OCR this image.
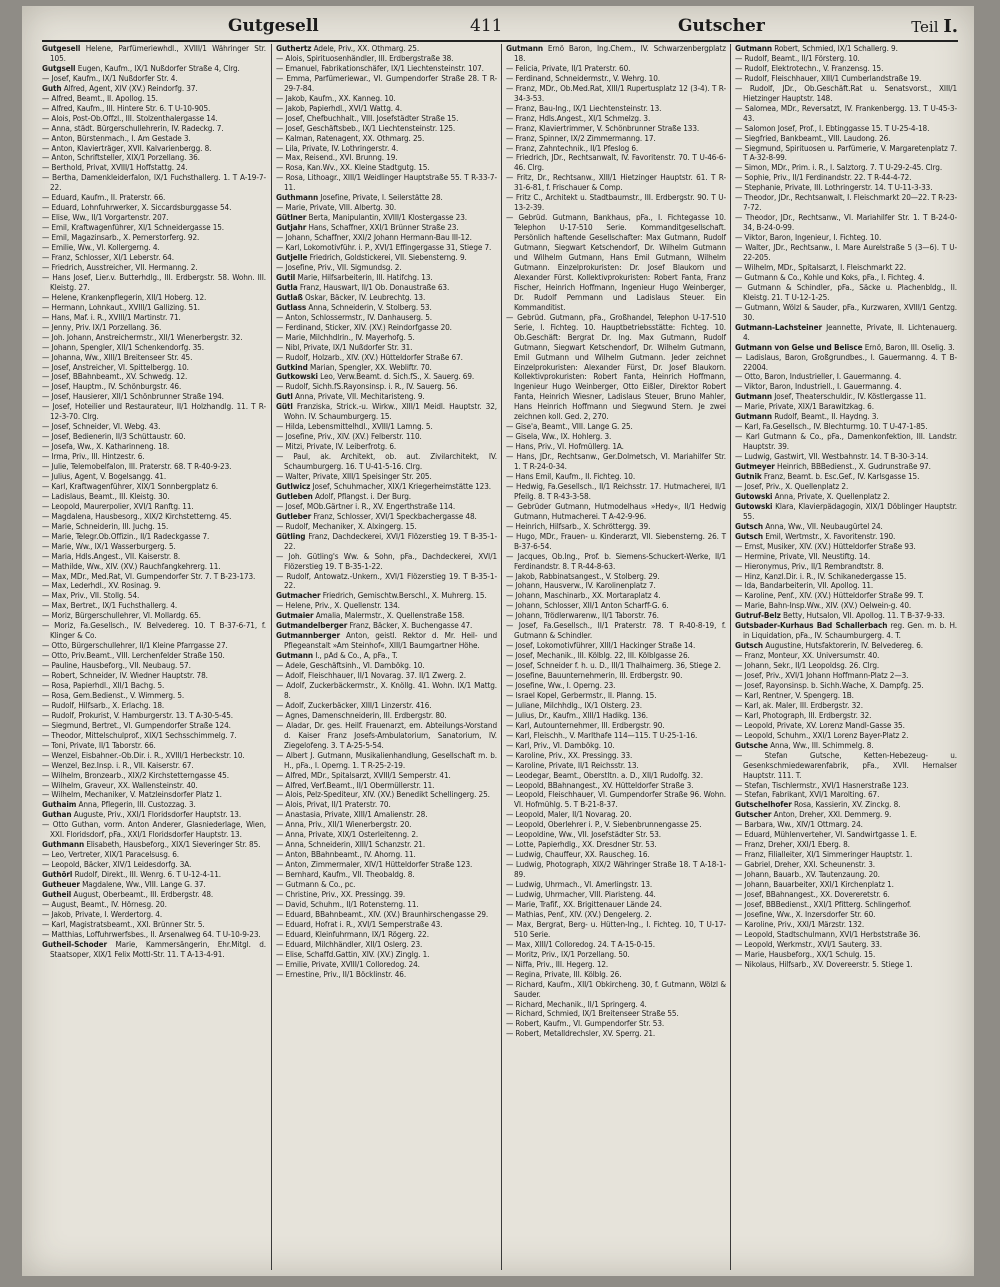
Gutgesell	411	Gutscher	Teil I.

Gutgesell Helene, Parfümeriewhdl., XVIII/1 Währinger Str. 105.

Gutgsell Eugen, Kaufm., IX/1 Nußdorfer Straße 4, Clrg.

— Josef, Kaufm., IX/1 Nußdorfer Str. 4.

Guth Alfred, Agent, XIV (XV.) Reindorfg. 37.

— Alfred, Beamt., II. Apollog. 15.

— Alfred, Kaufm., III. Hintere Str. 6. T U-10-905.

— Alois, Post-Ob.Offzl., III. Stolzenthalergasse 14.

— Anna, städt. Bürgerschullehrerin, IV. Radeckg. 7.

— Anton, Bürstenmach., I. Am Gestade 3.

— Anton, Klavierträger, XVII. Kalvarienbergg. 8.

— Anton, Schriftsteller, XIX/1 Porzellang. 36.

— Berthold, Privat, XVIII/1 Hoffstattg. 24.

— Bertha, Damenkleiderfalon, IX/1 Fuchsthallerg. 1. T A-19-7-22.

— Eduard, Kaufm., II. Praterstr. 66.

— Eduard, Lohnfuhrwerker, X. Siccardsburggasse 54.

— Elise, Ww., II/1 Vorgartenstr. 207.

— Emil, Kraftwagenführer, XI/1 Schneidergasse 15.

— Emil, Magazinsarb., X. Pernerstorferg. 92.

— Emilie, Ww., VI. Kollergerng. 4.

— Franz, Schlosser, XI/1 Leberstr. 64.

— Friedrich, Ausstreicher, VII. Hermanng. 2.

— Hans Josef, Lier.v. Butterhdlg., III. Erdbergstr. 58. Wohn. III. Kleistg. 27.

— Helene, Krankenpflegerin, XII/1 Hoberg. 12.

— Hermann, Lohnkaut., XVIII/1 Gallizing. 51.

— Hans, Maf. i. R., XVIII/1 Martinstr. 71.

— Jenny, Priv. IX/1 Porzellang. 36.

— Joh. Johann, Anstreichermstr., XII/1 Wienerbergstr. 32.

— Johann, Spengler, XII/1 Schenkendorfg. 35.

— Johanna, Ww., XIII/1 Breitenseer Str. 45.

— Josef, Anstreicher, VI. Spittelbergg. 10.

— Josef, BBahnbeamt., XV. Schwedg. 12.

— Josef, Hauptm., IV. Schönburgstr. 46.

— Josef, Hausierer, XII/1 Schönbrunner Straße 194.

— Josef, Hoteilier und Restaurateur, II/1 Holzhandlg. 11. T R-12-3-70. Clrg.

— Josef, Schneider, VI. Webg. 43.

— Josef, Bedienerin, II/3 Schüttaustr. 60.

— Josefa, Ww., X. Katharinneng. 18.

— Irma, Priv., III. Hintzestr. 6.

— Julie, Telemobelfalon, III. Praterstr. 68. T R-40-9-23.

— Julius, Agent, V. Bogelsangg. 41.

— Karl, Kraftwagenführer, XIX/1 Sonnbergplatz 6.

— Ladislaus, Beamt., III. Kleistg. 30.

— Leopold, Maurerpolier, XVI/1 Ranftg. 11.

— Magdalena, Hausbesorg., XIX/2 Kirchstetterng. 45.

— Marie, Schneiderin, III. Juchg. 15.

— Marie, Telegr.Ob.Offizin., II/1 Radeckgasse 7.

— Marie, Ww., IX/1 Wasserburgerg. 5.

— Maria, Hdls.Angest., VII. Kaiserstr. 8.

— Mathilde, Ww., XIV. (XV.) Rauchfangkehrerg. 11.

— Max, MDr., Med.Rat, VI. Gumpendorfer Str. 7. T B-23-173.

— Max, Lederhdl., XV. Rosinag. 9.

— Max, Priv., VII. Stollg. 54.

— Max, Bertret., IX/1 Fuchsthallerg. 4.

— Moriz, Bürgerschullehrer, VI. Mollardg. 65.

— Moriz, Fa.Gesellsch., IV. Belvedereg. 10. T B-37-6-71, f. Klinger & Co.

— Otto, Bürgerschullehrer, II/1 Kleine Pfarrgasse 27.

— Otto, Priv.Beamt., VIII. Lerchenfelder Straße 150.

— Pauline, Hausbeforg., VII. Neubaug. 57.

— Robert, Schneider, IV. Wiedner Hauptstr. 78.

— Rosa, Papierhdl., XII/1 Bachg. 5.

— Rosa, Gem.Bedienst., V. Wimmerg. 5.

— Rudolf, Hilfsarb., X. Erlachg. 18.

— Rudolf, Prokurist, V. Hamburgerstr. 13. T A-30-5-45.

— Siegmund, Bertret., VI. Gumpendorfer Straße 124.

— Theodor, Mittelschulprof., XIX/1 Sechsschimmelg. 7.

— Toni, Private, II/1 Taborstr. 66.

— Wenzel, Eisbahner.-Ob.Dir. i. R., XVIII/1 Herbeckstr. 10.

— Wenzel, Bez.Insp. i. R., VII. Kaiserstr. 67.

— Wilhelm, Bronzearb., XIX/2 Kirchstetterngasse 45.

— Wilhelm, Graveur, XX. Wallensteinstr. 40.

— Wilhelm, Mechaniker, V. Matzleinsdorfer Platz 1.

Guthaim Anna, Pflegerin, III. Custozzag. 3.

Guthan Auguste, Priv., XXI/1 Floridsdorfer Hauptstr. 13.

— Otto Guthan, vorm. Anton Anderer, Glasniederlage, Wien, XXI. Floridsdorf, pFa., XXI/1 Floridsdorfer Hauptstr. 13.

Guthmann Elisabeth, Hausbeforg., XIX/1 Sieveringer Str. 85.

— Leo, Vertreter, XIX/1 Paracelsusg. 6.

— Leopold, Bäcker, XIV/1 Leidesdorfg. 3A.

Guthörl Rudolf, Direkt., III. Wenrg. 6. T U-12-4-11.

Gutheuer Magdalene, Ww., VIII. Lange G. 37.

Gutheil August, Oberbeamt., III. Erdbergstr. 48.

— August, Beamt., IV. Hörnesg. 20.

— Jakob, Private, I. Werdertorg. 4.

— Karl, Magistratsbeamt., XXI. Brünner Str. 5.

— Matthias, Loffuhrwerfsbes., II. Arsenalweg 64. T U-10-9-23.

Gutheil-Schoder Marie, Kammersängerin, Ehr.Mitgl. d. Staatsoper, XIX/1 Felix Mottl-Str. 11. T A-13-4-91.

Guthertz Adele, Priv., XX. Othmarg. 25.

— Alois, Spirituosenhändler, III. Erdbergstraße 38.

— Emanuel, Fabrikationschäfer, IX/1 Liechtensteinstr. 107.

— Emma, Parfümeriewar., VI. Gumpendorfer Straße 28. T R-29-7-84.

— Jakob, Kaufm., XX. Kanneg. 10.

— Jakob, Papierhdl., XVI/1 Wattg. 4.

— Josef, Chefbuchhalt., VIII. Josefstädter Straße 15.

— Josef, Geschäftsbeb., IX/1 Liechtensteinstr. 125.

— Kalman, Ratenagent, XX. Othmarg. 25.

— Lila, Private, IV. Lothringerstr. 4.

— Max, Reisend., XVI. Brunng. 19.

— Rosa, Kan.Wv., XX. Kleine Stadtgutg. 15.

— Rosa, Lithoagr., XIII/1 Weidlinger Hauptstraße 55. T R-33-7-11.

Guthmann Josefine, Private, I. Seilerstätte 28.

— Marie, Private, VIII. Albertg. 30.

Gütlner Berta, Manipulantin, XVIII/1 Klostergasse 23.

Gutjahr Hans, Schaffner, XXI/1 Brünner Straße 23.

— Johann, Schaffner, XXI/2 Johann Hermann-Bau III-12.

— Karl, Lokomotivführ. i. P., XVI/1 Effingergasse 31, Stiege 7.

Gutjelle Friedrich, Goldstickerei, VII. Siebensterng. 9.

— Josefine, Priv., VII. Sigmundsg. 2.

Gutil Marie, Hilfsarbeiterin, III. Hatifchg. 13.

Gutla Franz, Hauswart, II/1 Ob. Donaustraße 63.

Gutlaß Oskar, Bäcker, IV. Leubrechtg. 13.

Gutlass Anna, Schneiderin, V. Stolberg. 53.

— Anton, Schlossermstr., IV. Danhauserg. 5.

— Ferdinand, Sticker, XIV. (XV.) Reindorfgasse 20.

— Marie, Milchhdlrin., IV. Mayerhofg. 5.

— Nibl, Private, IX/1 Nußdorfer Str. 31.

— Rudolf, Holzarb., XIV. (XV.) Hütteldorfer Straße 67.

Gutkind Marian, Spengler, XX. Webliftr. 70.

Gutkowski Leo, Verw.Beamt. d. Sich.fS., X. Sauerg. 69.

— Rudolf, Sichh.fS.Rayonsinsp. i. R., IV. Sauerg. 56.

Gutl Anna, Private, VII. Mechitaristeng. 9.

Gütl Franziska, Strick.-u. Wirkw., XIII/1 Meidl. Hauptstr. 32, Wohn. IV. Schaumburgerg. 15.

— Hilda, Lebensmittelhdl., XVIII/1 Lamng. 5.

— Josefine, Priv., XIV. (XV.) Felberstr. 110.

— Mitzi, Private, IV. Leiberfrotg. 6.

— Paul, ak. Architekt, ob. aut. Zivilarchitekt, IV. Schaumburgerg. 16. T U-41-5-16. Clrg.

— Walter, Private, XIII/1 Speisinger Str. 205.

Gutlwicz Josef, Schuhmacher, XIX/1 Kriegerheimstätte 123.

Gutleben Adolf, Pflangst. i. Der Burg.

— Josef, MOb.Gärtner i. R., XV. Engerthstraße 114.

Gutleber Franz, Schlosser, XVI/1 Speckbachergasse 48.

— Rudolf, Mechaniker, X. Alxingerg. 15.

Gütling Franz, Dachdeckerei, XVI/1 Flözerstieg 19. T B-35-1-22.

— Joh. Gütling's Ww. & Sohn, pFa., Dachdeckerei, XVI/1 Flözerstieg 19. T B-35-1-22.

— Rudolf, Antowatz.-Unkern., XVI/1 Flözerstieg 19. T B-35-1-22.

Gutmacher Friedrich, Gemischtw.Berschl., X. Muhrerg. 15.

— Helene, Priv., X. Quellenstr. 134.

Gutmaier Amalia, Malermstr., X. Quellenstraße 158.

Gutmandelberger Franz, Bäcker, X. Buchengasse 47.

Gutmannberger Anton, geistl. Rektor d. Mr. Heil- und Pflegeanstalt »Am Steinhof«, XIII/1 Baumgartner Höhe.

Gutmann I., pAd & Co., A, pFa., T.

— Adele, Geschäftsinh., VI. Dambökg. 10.

— Adolf, Fleischhauer, II/1 Novarag. 37. II/1 Zwerg. 2.

— Adolf, Zuckerbäckermstr., X. Knöllg. 41. Wohn. IX/1 Mattg. 8.

— Adolf, Zuckerbäcker, XIII/1 Linzerstr. 416.

— Agnes, Damenschneiderin, III. Erdbergstr. 80.

— Aladar, Dr. ges. Heilf. Frauenarzt, em. Abteilungs-Vorstand d. Kaiser Franz Josefs-Ambulatorium, Sanatorium, IV. Ziegelofeng. 3. T A-25-5-54.

— Albert J. Gutmann, Musikalienhandlung, Gesellschaft m. b. H., pFa., I. Operng. 1. T R-25-2-19.

— Alfred, MDr., Spitalsarzt, XVIII/1 Semperstr. 41.

— Alfred, Verf.Beamt., II/1 Obermüllerstr. 11.

— Alois, Pelz-Spediteur, XIV. (XV.) Benedikt Schellingerg. 25.

— Alois, Privat, II/1 Praterstr. 70.

— Anastasia, Private, XIII/1 Amalienstr. 28.

— Anna, Priv., XII/1 Wienerbergstr. 20.

— Anna, Private, XIX/1 Osterleitenng. 2.

— Anna, Schneiderin, XIII/1 Schanzstr. 21.

— Anton, BBahnbeamt., IV. Ahorng. 11.

— Anton, Zimmermaler, XIV/1 Hütteldorfer Straße 123.

— Bernhard, Kaufm., VII. Theobaldg. 8.

— Gutmann & Co., pc.

— Christine, Priv., XX. Pressingg. 39.

— David, Schuhm., II/1 Rotensterng. 11.

— Eduard, BBahnbeamt., XIV. (XV.) Braunhirschengasse 29.

— Eduard, Hofrat i. R., XVI/1 Semperstraße 43.

— Eduard, Kleinfuhrmann, IX/1 Rögerg. 22.

— Eduard, Milchhändler, XII/1 Oslerg. 23.

— Elise, Schaffd.Gattin, XIV. (XV.) Zinglg. 1.

— Emilie, Private, XVIII/1 Colloredog. 24.

— Ernestine, Priv., II/1 Böcklinstr. 46.

Gutmann Ernö Baron, Ing.Chem., IV. Schwarzenbergplatz 18.

— Felicia, Private, II/1 Praterstr. 60.

— Ferdinand, Schneidermstr., V. Wehrg. 10.

— Franz, MDr., Ob.Med.Rat, XIII/1 Rupertusplatz 12 (3-4). T R-34-3-53.

— Franz, Bau-Ing., IX/1 Liechtensteinstr. 13.

— Franz, Hdls.Angest., XI/1 Schmelzg. 3.

— Franz, Klaviertrimmer, V. Schönbrunner Straße 133.

— Franz, Spinner, IX/2 Zimmermanng. 17.

— Franz, Zahntechnik., II/1 Pfeslog 6.

— Friedrich, JDr., Rechtsanwalt, IV. Favoritenstr. 70. T U-46-6-46. Clrg.

— Fritz, Dr., Rechtsanw., XIII/1 Hietzinger Hauptstr. 61. T R-31-6-81, f. Frischauer & Comp.

— Fritz C., Architekt u. Stadtbaumstr., III. Erdbergstr. 90. T U-13-2-39.

— Gebrüd. Gutmann, Bankhaus, pFa., I. Fichtegasse 10. Telephon U-17-510 Serie. Kommanditgesellschaft. Persönlich haftende Gesellschafter: Max Gutmann, Rudolf Gutmann, Siegwart Ketschendorf, Dr. Wilhelm Gutmann und Wilhelm Gutmann, Hans Emil Gutmann, Wilhelm Gutmann. Einzelprokuristen: Dr. Josef Blaukorn und Alexander Fürst. Kollektivprokuristen: Robert Fanta, Franz Fischer, Heinrich Hoffmann, Ingenieur Hugo Weinberger, Dr. Rudolf Pernmann und Ladislaus Steuer. Ein Kommanditist.

— Gebrüd. Gutmann, pFa., Großhandel, Telephon U-17-510 Serie, I. Fichteg. 10. Hauptbetriebsstätte: Fichteg. 10. Ob.Geschäft: Bergrat Dr. Ing. Max Gutmann, Rudolf Gutmann, Siegwart Ketschendorf, Dr. Wilhelm Gutmann, Emil Gutmann und Wilhelm Gutmann. Jeder zeichnet Einzelprokuristen: Alexander Fürst, Dr. Josef Blaukorn. Kollektivprokuristen: Robert Fanta, Heinrich Hoffmann, Ingenieur Hugo Weinberger, Otto Eißler, Direktor Robert Fanta, Heinrich Wiesner, Ladislaus Steuer, Bruno Mahler, Hans Heinrich Hoffmann und Siegwund Stern. Je zwei zeichnen koll. Ged. 2, 270.

— Gise'a, Beamt., VIII. Lange G. 25.

— Gisela, Ww., IX. Hohlerg. 3.

— Hans, Priv., VI. Hofmüllerg. 1A.

— Hans, JDr., Rechtsanw., Ger.Dolmetsch, VI. Mariahilfer Str. 1. T R-24-0-34.

— Hans Emil, Kaufm., II. Fichteg. 10.

— Hedwig, Fa.Gesellsch., II/1 Reichsstr. 17. Hutmacherei, II/1 Pfeilg. 8. T R-43-3-58.

— Gebrüder Gutmann, Hutmodelhaus »Hedy«, II/1 Hedwig Gutmann, Hutmacherei. T A-42-9-96.

— Heinrich, Hilfsarb., X. Schröttergg. 39.

— Hugo, MDr., Frauen- u. Kinderarzt, VII. Siebensterng. 26. T B-37-6-54.

— Jacques, Ob.Ing., Prof. b. Siemens-Schuckert-Werke, II/1 Ferdinandstr. 8. T R-44-8-63.

— Jakob, Rabbinatsangest., V. Stolberg. 29.

— Johann, Hausverw., IV. Karolinenplatz 7.

— Johann, Maschinarb., XX. Mortaraplatz 4.

— Johann, Schlosser, XII/1 Anton Scharff-G. 6.

— Johann, Trödlerwarenw., II/1 Taborstr. 76.

— Josef, Fa.Gesellsch., II/1 Praterstr. 78. T R-40-8-19, f. Gutmann & Schindler.

— Josef, Lokomotivführer, XIII/1 Hackinger Straße 14.

— Josef, Mechanik., III. Kölblg. 22, III. Kölblgasse 26.

— Josef, Schneider f. h. u. D., III/1 Thalhaimerg. 36, Stiege 2.

— Josefine, Bauunternehmerin, III. Erdbergstr. 90.

— Josefine, Ww., I. Operng. 23.

— Israel Kopel, Gerbermstr., II. Planng. 15.

— Juliane, Milchhdlg., IX/1 Olsterg. 23.

— Julius, Dr., Kaufm., XIII/1 Hadikg. 136.

— Karl, Autounternehmer, III. Erdbergstr. 90.

— Karl, Fleischh., V. Marlthafe 114—115. T U-25-1-16.

— Karl, Priv., VI. Dambökg. 10.

— Karoline, Priv., XX. Pressingg. 33.

— Karoline, Private, II/1 Reichsstr. 13.

— Leodegar, Beamt., Oberstltn. a. D., XII/1 Rudolfg. 32.

— Leopold, BBahnangest., XV. Hütteldorfer Straße 3.

— Leopold, Fleischhauer, VI. Gumpendorfer Straße 96. Wohn. VI. Hofmühlg. 5. T B-21-8-37.

— Leopold, Maler, II/1 Novarag. 20.

— Leopold, Oberlehrer i. P., V. Siebenbrunnengasse 25.

— Leopoldine, Ww., VII. Josefstädter Str. 53.

— Lotte, Papierhdlg., XX. Dresdner Str. 53.

— Ludwig, Chauffeur, XX. Rauscheg. 16.

— Ludwig, Photograph, XIX/2 Währinger Straße 18. T A-18-1-89.

— Ludwig, Uhrmach., VI. Amerlingstr. 13.

— Ludwig, Uhrmacher, VIII. Piaristeng. 44.

— Marie, Trafif., XX. Brigittenauer Lände 24.

— Mathias, Penf., XIV. (XV.) Dengelerg. 2.

— Max, Bergrat, Berg- u. Hütten-Ing., I. Fichteg. 10, T U-17-510 Serie.

— Max, XIII/1 Colloredog. 24. T A-15-0-15.

— Moritz, Priv., IX/1 Porzellang. 50.

— Niffa, Priv., III. Hegerg. 12.

— Regina, Private, III. Kölblg. 26.

— Richard, Kaufm., XII/1 Obkircheng. 30, f. Gutmann, Wölzl & Sauder.

— Richard, Mechanik., II/1 Springerg. 4.

— Richard, Schmied, IX/1 Breitenseer Straße 55.

— Robert, Kaufm., VI. Gumpendorfer Str. 53.

— Robert, Metalldrechsler, XV. Sperrg. 21.

Gutmann Robert, Schmied, IX/1 Schallerg. 9.

— Rudolf, Beamt., II/1 Försterg. 10.

— Rudolf, Elektrotechn., V. Franzensg. 15.

— Rudolf, Fleischhauer, XIII/1 Cumberlandstraße 19.

— Rudolf, JDr., Ob.Geschäft.Rat u. Senatsvorst., XIII/1 Hietzinger Hauptstr. 148.

— Salomea, MDr., Reversatzt, IV. Frankenbergg. 13. T U-45-3-43.

— Salomon Josef, Prof., I. Ebtinggasse 15. T U-25-4-18.

— Siegfried, Bankbeamt., VIII. Laudong. 26.

— Siegmund, Spirituosen u. Parfümerie, V. Margaretenplatz 7. T A-32-8-99.

— Simon, MDr., Prim. i. R., I. Salztorg. 7. T U-29-2-45. Clrg.

— Sophie, Priv., II/1 Ferdinandstr. 22. T R-44-4-72.

— Stephanie, Private, III. Lothringerstr. 14. T U-11-3-33.

— Theodor, JDr., Rechtsanwalt, I. Fleischmarkt 20—22. T R-23-7-72.

— Theodor, JDr., Rechtsanw., VI. Mariahilfer Str. 1. T B-24-0-34, B-24-0-99.

— Viktor, Baron, Ingenieur, I. Fichteg. 10.

— Walter, JDr., Rechtsanw., I. Mare Aurelstraße 5 (3—6). T U-22-205.

— Wilhelm, MDr., Spitalsarzt, I. Fleischmarkt 22.

— Gutmann & Co., Kohle und Koks, pFa., I. Fichteg. 4.

— Gutmann & Schindler, pFa., Säcke u. Plachenbldg., II. Kleistg. 21. T U-12-1-25.

— Gutmann, Wölzl & Sauder, pFa., Kurzwaren, XVIII/1 Gentzg. 30.

Gutmann-Lachsteiner Jeannette, Private, II. Lichtenauerg. 4.

Gutmann von Gelse und Belisce Ernö, Baron, III. Oselig. 3.

— Ladislaus, Baron, Großgrundbes., I. Gauermanng. 4. T B-22004.

— Otto, Baron, Industrieller, I. Gauermanng. 4.

— Viktor, Baron, Industriell., I. Gauermanng. 4.

Gutmann Josef, Theaterschuldir., IV. Köstlergasse 11.

— Marie, Private, XIX/1 Barawitzkag. 6.

Gutmann Rudolf, Beamt., II. Haydng. 3.

— Karl, Fa.Gesellsch., IV. Blechturmg. 10. T U-47-1-85.

— Karl Gutmann & Co., pFa., Damenkonfektion, III. Landstr. Hauptstr. 39.

— Ludwig, Gastwirt, VII. Westbahnstr. 14. T B-30-3-14.

Gutmeyer Heinrich, BBBedienst., X. Gudrunstraße 97.

Gutnik Franz, Beamt. b. Esc.Gef., IV. Karlsgasse 15.

— Josef, Priv., X. Quellenplatz 2.

Gutowski Anna, Private, X. Quellenplatz 2.

Gutowski Klara, Klavierpädagogin, XIX/1 Döblinger Hauptstr. 55.

Gutsch Anna, Ww., VII. Neubaugürtel 24.

Gutsch Emil, Wertmstr., X. Favoritenstr. 190.

— Ernst, Musiker, XIV. (XV.) Hütteldorfer Straße 93.

— Hermine, Private, VII. Neustiftg. 14.

— Hieronymus, Priv., II/1 Rembrandtstr. 8.

— Hinz, Kanzl.Dir. i. R., IV. Schikanedergasse 15.

— Ida, Bandarbeiterin, VII. Apollog. 11.

— Karoline, Penf., XIV. (XV.) Hütteldorfer Straße 99. T.

— Marie, Bahn-Insp.Ww., XIV. (XV.) Oelwein-g. 40.

Gutruf-Belz Betty, Hutsalon, VII. Apollog. 11. T B-37-9-33.

Gutsbader-Kurhaus Bad Schallerbach reg. Gen. m. b. H. in Liquidation, pFa., IV. Schaumburgerg. 4. T.

Gutsch Augustine, Hutsfaktorerin, IV. Belvedereg. 6.

— Franz, Monteur, XX. Universumstr. 40.

— Johann, Sekr., II/1 Leopoldsg. 26. Clrg.

— Josef, Priv., XVI/1 Johann Hoffmann-Platz 2—3.

— Josef, Rayonsinsp. b. Sichh.Wache, X. Dampfg. 25.

— Karl, Rentner, V. Spengerg. 1B.

— Karl, ak. Maler, III. Erdbergstr. 32.

— Karl, Photograph, III. Erdbergstr. 32.

— Leopold, Private, XV. Lorenz Mandl-Gasse 35.

— Leopold, Schuhm., XXI/1 Lorenz Bayer-Platz 2.

Gutsche Anna, Ww., III. Schimmelg. 8.

— Stefan Gutsche, Ketten-Hebezeug- u. Gesenkschmiedewarenfabrik, pFa., XVII. Hernalser Hauptstr. 111. T.

— Stefan, Tischlermstr., XVI/1 Hasnerstraße 123.

— Stefan, Fabrikant, XVI/1 Marolting. 67.

Gutschelhofer Rosa, Kassierin, XV. Zinckg. 8.

Gutscher Anton, Dreher, XXI. Demmerg. 9.

— Barbara, Ww., XIV/1 Ottmarg. 24.

— Eduard, Mühlenverteher, VI. Sandwirtgasse 1. E.

— Franz, Dreher, XXI/1 Eberg. 8.

— Franz, Filialleiter, XI/1 Simmeringer Hauptstr. 1.

— Gabriel, Dreher, XXI. Scheunenstr. 3.

— Johann, Bauarb., XV. Tautenzaung. 20.

— Johann, Bauarbeiter, XXI/1 Kirchenplatz 1.

— Josef, BBahnangest., XX. Dovereretstr. 6.

— Josef, BBBedienst., XXI/1 Pfitterg. Schlingerhof.

— Josefine, Ww., X. Inzersdorfer Str. 60.

— Karoline, Priv., XXI/1 Märzstr. 132.

— Leopold, Stadtschulmann, XVI/1 Herbststraße 36.

— Leopold, Werkmstr., XVI/1 Sauterg. 33.

— Marie, Hausbeforg., XX/1 Schulg. 15.

— Nikolaus, Hilfsarb., XV. Dovereerstr. 5. Stiege 1.
